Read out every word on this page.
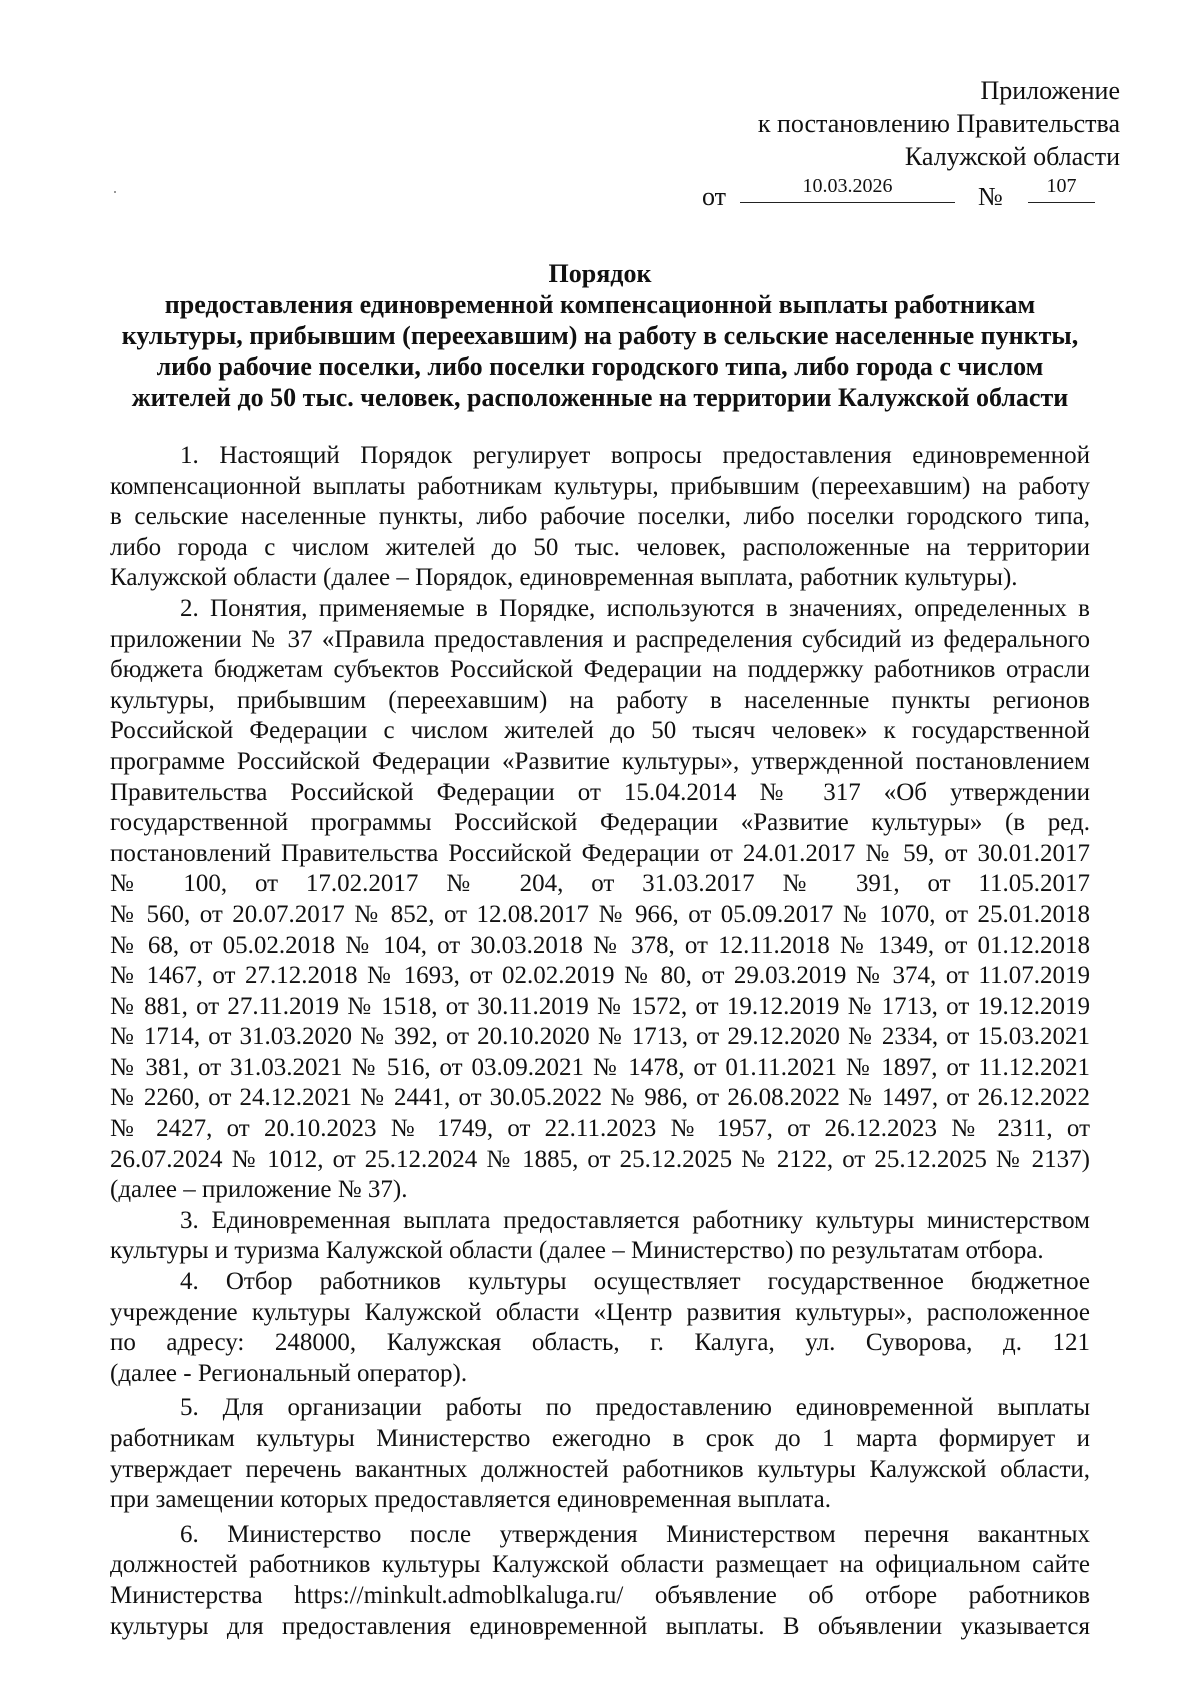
Приложение
к постановлению Правительства
Калужской области
от	10.03.2026	№	107
Порядок
предоставления единовременной компенсационной выплаты работникам
культуры, прибывшим (переехавшим) на работу в сельские населенные пункты,
либо рабочие поселки, либо поселки городского типа, либо города с числом
жителей до 50 тыс. человек, расположенные на территории Калужской области
1. Настоящий Порядок регулирует вопросы предоставления единовременной
компенсационной выплаты работникам культуры, прибывшим (переехавшим) на работу
в сельские населенные пункты, либо рабочие поселки, либо поселки городского типа,
либо города с числом жителей до 50 тыс. человек, расположенные на территории
Калужской области (далее – Порядок, единовременная выплата, работник культуры).
2. Понятия, применяемые в Порядке, используются в значениях, определенных в
приложении № 37 «Правила предоставления и распределения субсидий из федерального
бюджета бюджетам субъектов Российской Федерации на поддержку работников отрасли
культуры, прибывшим (переехавшим) на работу в населенные пункты регионов
Российской Федерации с числом жителей до 50 тысяч человек» к государственной
программе Российской Федерации «Развитие культуры», утвержденной постановлением
Правительства Российской Федерации от 15.04.2014 № 317 «Об утверждении
государственной программы Российской Федерации «Развитие культуры» (в ред.
постановлений Правительства Российской Федерации от 24.01.2017 № 59, от 30.01.2017
№ 100, от 17.02.2017 № 204, от 31.03.2017 № 391, от 11.05.2017
№ 560, от 20.07.2017 № 852, от 12.08.2017 № 966, от 05.09.2017 № 1070, от 25.01.2018
№ 68, от 05.02.2018 № 104, от 30.03.2018 № 378, от 12.11.2018 № 1349, от 01.12.2018
№ 1467, от 27.12.2018 № 1693, от 02.02.2019 № 80, от 29.03.2019 № 374, от 11.07.2019
№ 881, от 27.11.2019 № 1518, от 30.11.2019 № 1572, от 19.12.2019 № 1713, от 19.12.2019
№ 1714, от 31.03.2020 № 392, от 20.10.2020 № 1713, от 29.12.2020 № 2334, от 15.03.2021
№ 381, от 31.03.2021 № 516, от 03.09.2021 № 1478, от 01.11.2021 № 1897, от 11.12.2021
№ 2260, от 24.12.2021 № 2441, от 30.05.2022 № 986, от 26.08.2022 № 1497, от 26.12.2022
№ 2427, от 20.10.2023 № 1749, от 22.11.2023 № 1957, от 26.12.2023 № 2311, от
26.07.2024 № 1012, от 25.12.2024 № 1885, от 25.12.2025 № 2122, от 25.12.2025 № 2137)
(далее – приложение № 37).
3. Единовременная выплата предоставляется работнику культуры министерством
культуры и туризма Калужской области (далее – Министерство) по результатам отбора.
4. Отбор работников культуры осуществляет государственное бюджетное
учреждение культуры Калужской области «Центр развития культуры», расположенное
по адресу: 248000, Калужская область, г. Калуга, ул. Суворова, д. 121
(далее - Региональный оператор).
5. Для организации работы по предоставлению единовременной выплаты
работникам культуры Министерство ежегодно в срок до 1 марта формирует и
утверждает перечень вакантных должностей работников культуры Калужской области,
при замещении которых предоставляется единовременная выплата.
6. Министерство после утверждения Министерством перечня вакантных
должностей работников культуры Калужской области размещает на официальном сайте
Министерства https://minkult.admoblkaluga.ru/ объявление об отборе работников
культуры для предоставления единовременной выплаты. В объявлении указывается
